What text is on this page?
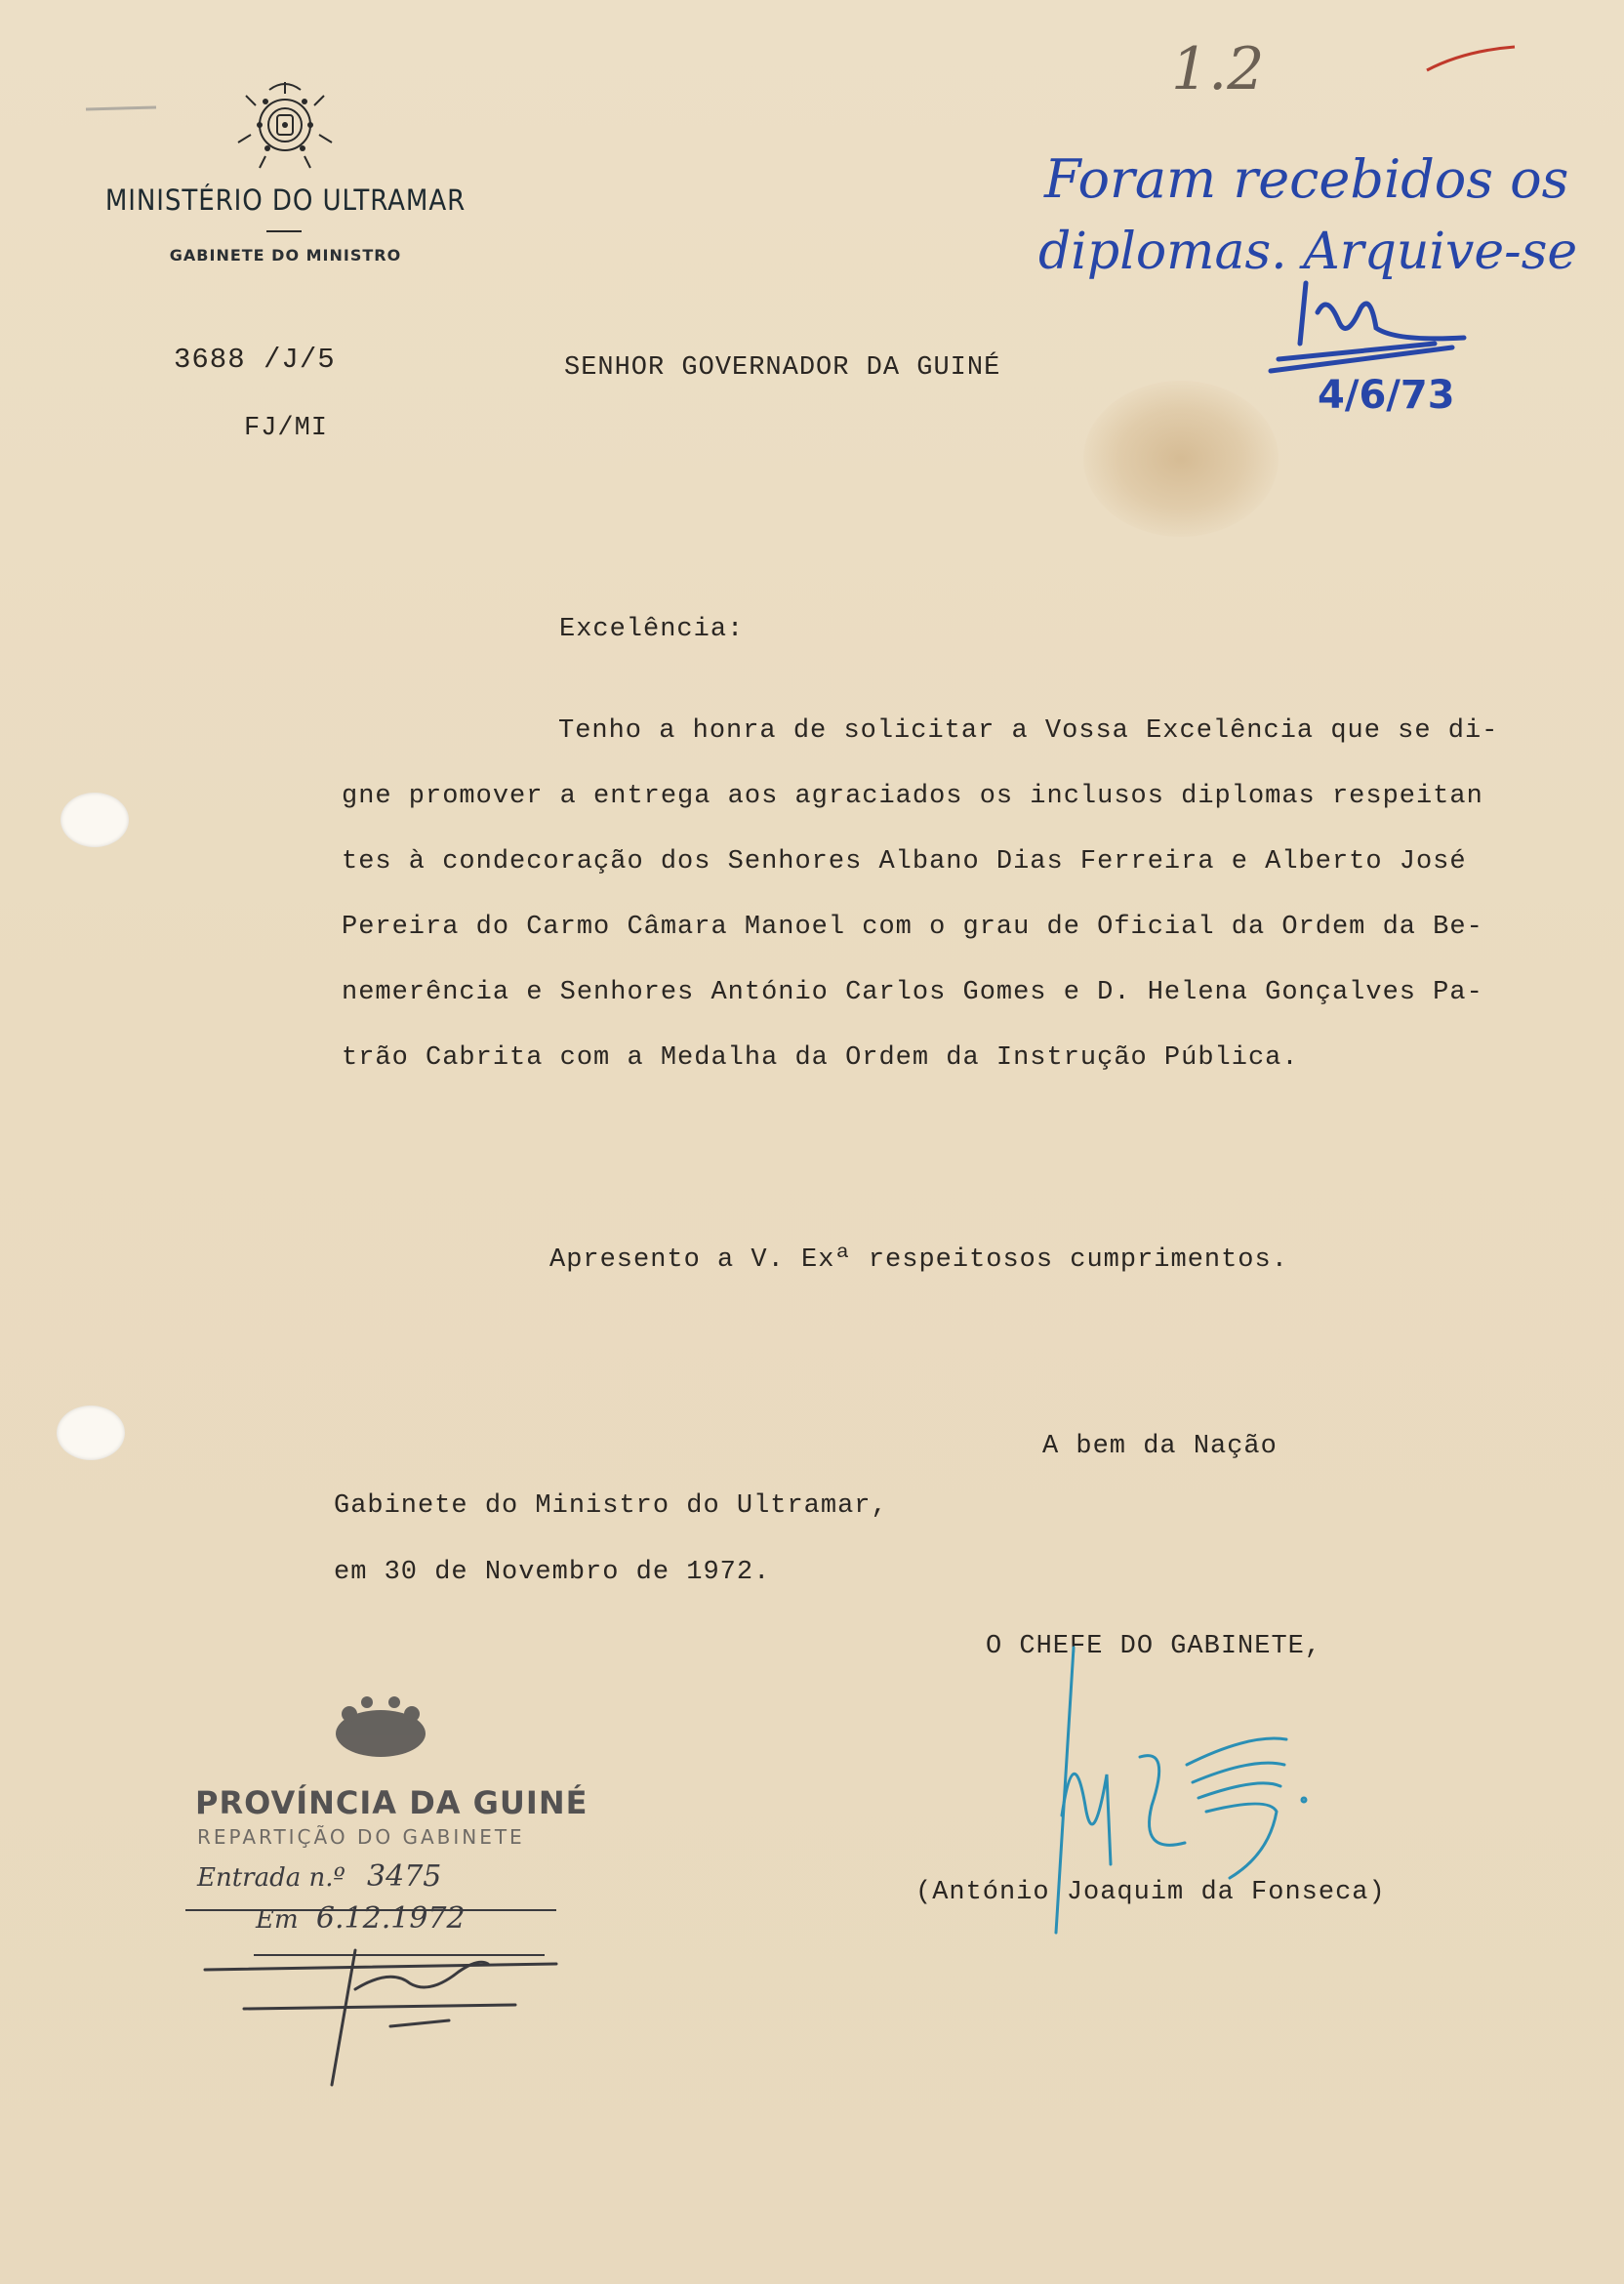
MINISTÉRIO DO ULTRAMAR
GABINETE DO MINISTRO
3688 /J/5
FJ/MI
SENHOR GOVERNADOR DA GUINÉ
Excelência:
Tenho a honra de solicitar a Vossa Excelência que se di-
gne promover a entrega aos agraciados os inclusos diplomas respeitan
tes à condecoração dos Senhores Albano Dias Ferreira e Alberto José
Pereira do Carmo Câmara Manoel com o grau de Oficial da Ordem da Be-
nemerência e Senhores António Carlos Gomes e D. Helena Gonçalves Pa-
trão Cabrita com a Medalha da Ordem da Instrução Pública.
Apresento a V. Exª respeitosos cumprimentos.
A bem da Nação
Gabinete do Ministro do Ultramar,
em 30 de Novembro de 1972.
O CHEFE DO GABINETE,
(António Joaquim da Fonseca)
1.2
Foram recebidos os
diplomas. Arquive-se
4/6/73
PROVÍNCIA DA GUINÉ
REPARTIÇÃO DO GABINETE
Entrada n.º 3475
Em 6.12.1972
